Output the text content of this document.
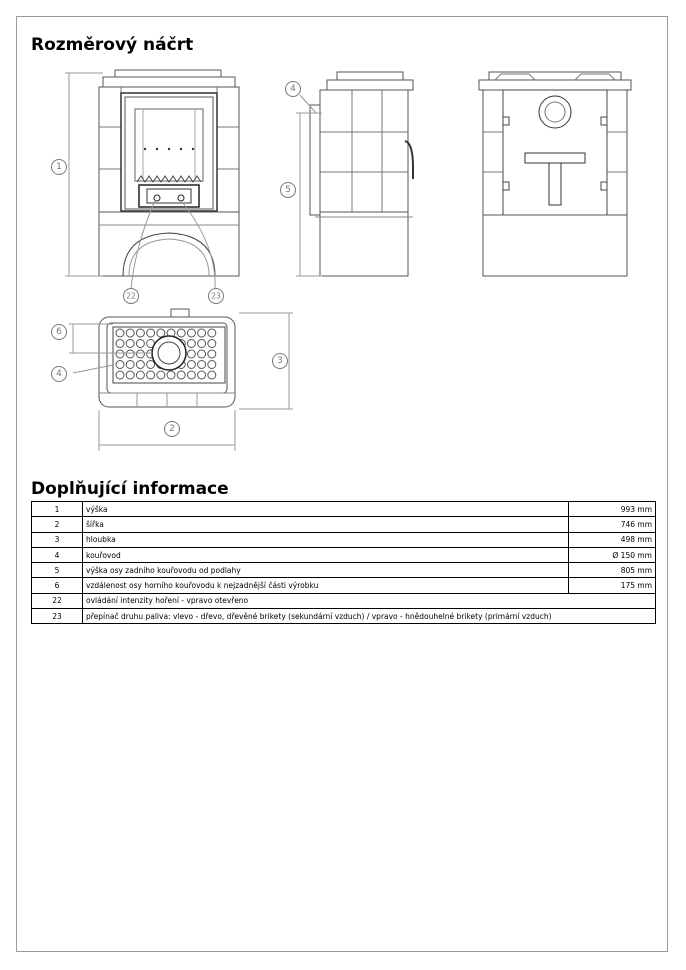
Rozměrový náčrt
1
2
3
4
4
5
6
22	23
Doplňující informace
1	výška	993 mm
2	šířka	746 mm
3	hloubka	498 mm
4	kouřovod	Ø 150 mm
5	výška osy zadního kouřovodu od podlahy	805 mm
6	vzdálenost osy horního kouřovodu k nejzadnější části výrobku	175 mm
22	ovládání intenzity hoření - vpravo otevřeno	
23	přepínač druhu paliva: vlevo - dřevo, dřevěné brikety (sekundární vzduch) / vpravo - hnědouhelné brikety (primární vzduch)	
